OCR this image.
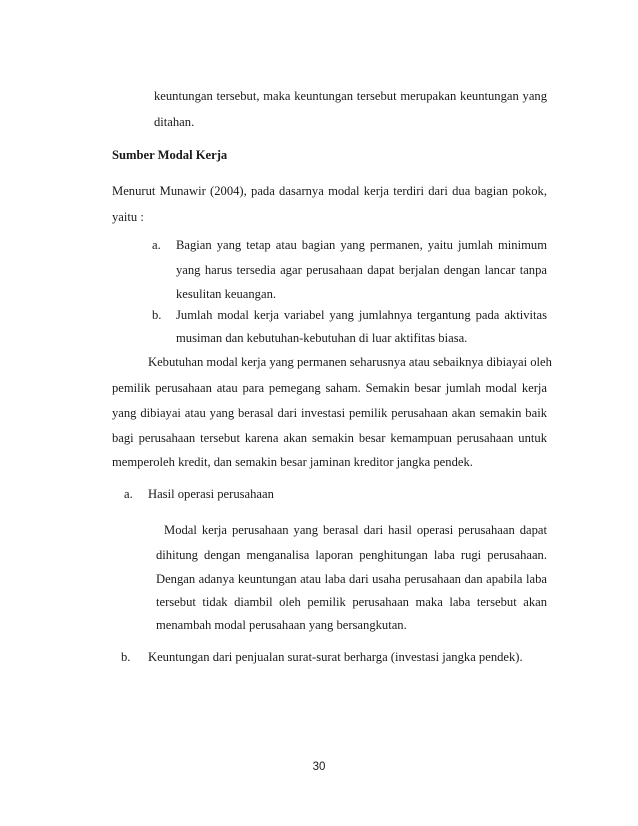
keuntungan tersebut, maka keuntungan tersebut merupakan keuntungan yang
ditahan.
Sumber Modal Kerja
Menurut Munawir (2004), pada dasarnya modal kerja terdiri dari dua bagian pokok,
yaitu :
a. Bagian yang tetap atau bagian yang permanen, yaitu jumlah minimum
yang harus tersedia agar perusahaan dapat berjalan dengan lancar tanpa
kesulitan keuangan.
b. Jumlah modal kerja variabel yang jumlahnya tergantung pada aktivitas
musiman dan kebutuhan-kebutuhan di luar aktifitas biasa.
Kebutuhan modal kerja yang permanen seharusnya atau sebaiknya dibiayai oleh
pemilik perusahaan atau para pemegang saham. Semakin besar jumlah modal kerja
yang dibiayai atau yang berasal dari investasi pemilik perusahaan akan semakin baik
bagi perusahaan tersebut karena akan semakin besar kemampuan perusahaan untuk
memperoleh kredit, dan semakin besar jaminan kreditor jangka pendek.
a. Hasil operasi perusahaan
Modal kerja perusahaan yang berasal dari hasil operasi perusahaan dapat
dihitung dengan menganalisa laporan penghitungan laba rugi perusahaan.
Dengan adanya keuntungan atau laba dari usaha perusahaan dan apabila laba
tersebut tidak diambil oleh pemilik perusahaan maka laba tersebut akan
menambah modal perusahaan yang bersangkutan.
b. Keuntungan dari penjualan surat-surat berharga (investasi jangka pendek).
30
